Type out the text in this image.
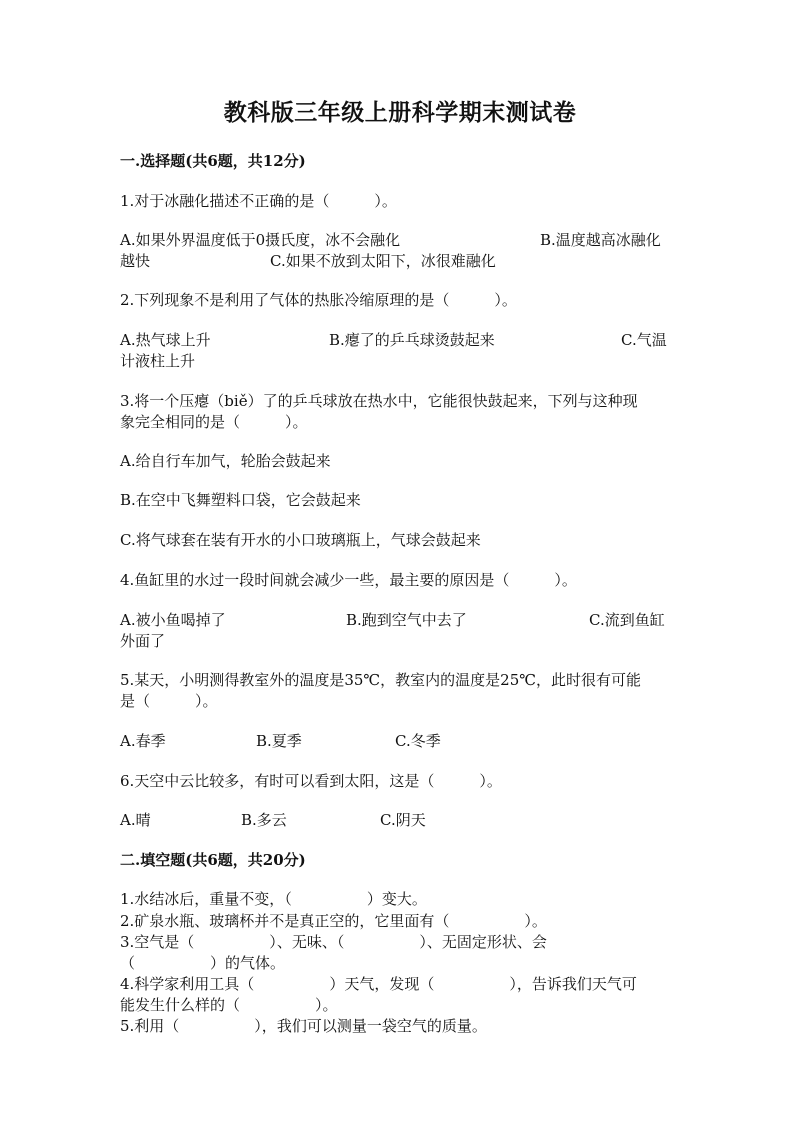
教科版三年级上册科学期末测试卷
一.选择题(共6题，共12分)
1.对于冰融化描述不正确的是（　　　）。
A.如果外界温度低于0摄氏度，冰不会融化	B.温度越高冰融化
越快	C.如果不放到太阳下，冰很难融化
2.下列现象不是利用了气体的热胀冷缩原理的是（　　　）。
A.热气球上升	B.瘪了的乒乓球烫鼓起来	C.气温
计液柱上升
3.将一个压瘪（biě）了的乒乓球放在热水中，它能很快鼓起来，下列与这种现
象完全相同的是（　　　）。
A.给自行车加气，轮胎会鼓起来
B.在空中飞舞塑料口袋，它会鼓起来
C.将气球套在装有开水的小口玻璃瓶上，气球会鼓起来
4.鱼缸里的水过一段时间就会减少一些，最主要的原因是（　　　）。
A.被小鱼喝掉了	B.跑到空气中去了	C.流到鱼缸
外面了
5.某天，小明测得教室外的温度是35℃，教室内的温度是25℃，此时很有可能
是（　　　）。
A.春季	B.夏季	C.冬季
6.天空中云比较多，有时可以看到太阳，这是（　　　）。
A.晴	B.多云	C.阴天
二.填空题(共6题，共20分)
1.水结冰后，重量不变，（　　　　　）变大。
2.矿泉水瓶、玻璃杯并不是真正空的，它里面有（　　　　　）。
3.空气是（　　　　　）、无味、（　　　　　）、无固定形状、会
（　　　　　）的气体。
4.科学家利用工具（　　　　　）天气，发现（　　　　　），告诉我们天气可
能发生什么样的（　　　　　）。
5.利用（　　　　　），我们可以测量一袋空气的质量。
